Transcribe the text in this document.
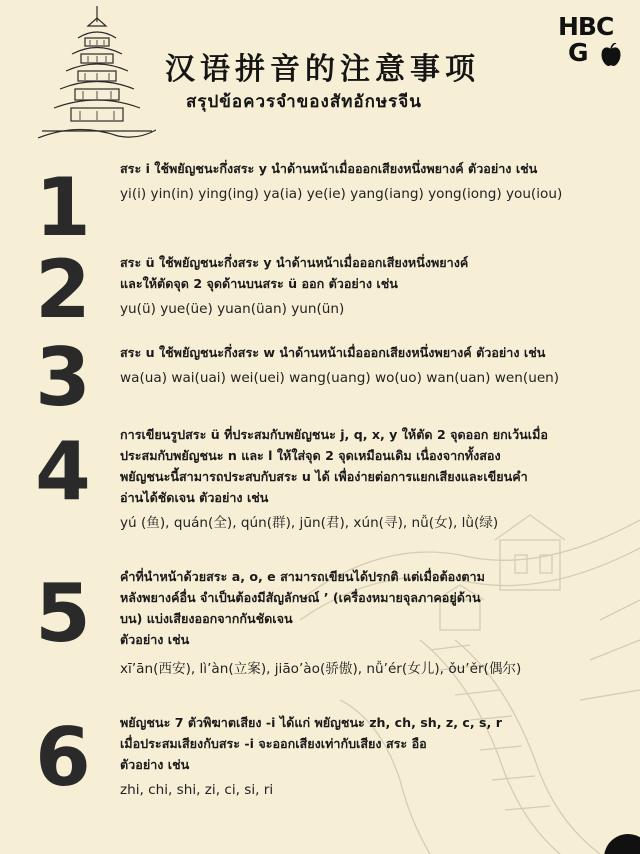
HBC
G
汉语拼音的注意事项
สรุปข้อควรจำของสัทอักษรจีน
1	สระ i ใช้พยัญชนะกึ่งสระ y นำด้านหน้าเมื่อออกเสียงหนึ่งพยางค์ ตัวอย่าง เช่น
yi(i) yin(in) ying(ing) ya(ia) ye(ie) yang(iang) yong(iong) you(iou)
2	สระ ü ใช้พยัญชนะกึ่งสระ y นำด้านหน้าเมื่อออกเสียงหนึ่งพยางค์
และให้ตัดจุด 2 จุดด้านบนสระ ü ออก ตัวอย่าง เช่น
yu(ü) yue(üe) yuan(üan) yun(ün)
3	สระ u ใช้พยัญชนะกึ่งสระ w นำด้านหน้าเมื่อออกเสียงหนึ่งพยางค์ ตัวอย่าง เช่น
wa(ua) wai(uai) wei(uei) wang(uang) wo(uo) wan(uan) wen(uen)
4	การเขียนรูปสระ ü ที่ประสมกับพยัญชนะ j, q, x, y ให้ตัด 2 จุดออก ยกเว้นเมื่อ
ประสมกับพยัญชนะ n และ l ให้ใส่จุด 2 จุดเหมือนเดิม เนื่องจากทั้งสอง
พยัญชนะนี้สามารถประสบกับสระ u ได้ เพื่อง่ายต่อการแยกเสียงและเขียนคำ
อ่านได้ชัดเจน ตัวอย่าง เช่น
yú (鱼), quán(全), qún(群), jūn(君), xún(寻), nǚ(女), lǜ(绿)
5	คำที่นำหน้าด้วยสระ a, o, e สามารถเขียนได้ปรกติ แต่เมื่อต้องตาม
หลังพยางค์อื่น จำเป็นต้องมีสัญลักษณ์ ’ (เครื่องหมายจุลภาคอยู่ด้าน
บน) แบ่งเสียงออกจากกันชัดเจน
ตัวอย่าง เช่น
xī’ān(西安), lì’àn(立案), jiāo’ào(骄傲), nǚ’ér(女儿), ǒu’ěr(偶尔)
6	พยัญชนะ 7 ตัวพิฆาตเสียง -i ได้แก่ พยัญชนะ zh, ch, sh, z, c, s, r
เมื่อประสมเสียงกับสระ -i จะออกเสียงเท่ากับเสียง สระ อือ
ตัวอย่าง เช่น
zhi, chi, shi, zi, ci, si, ri
